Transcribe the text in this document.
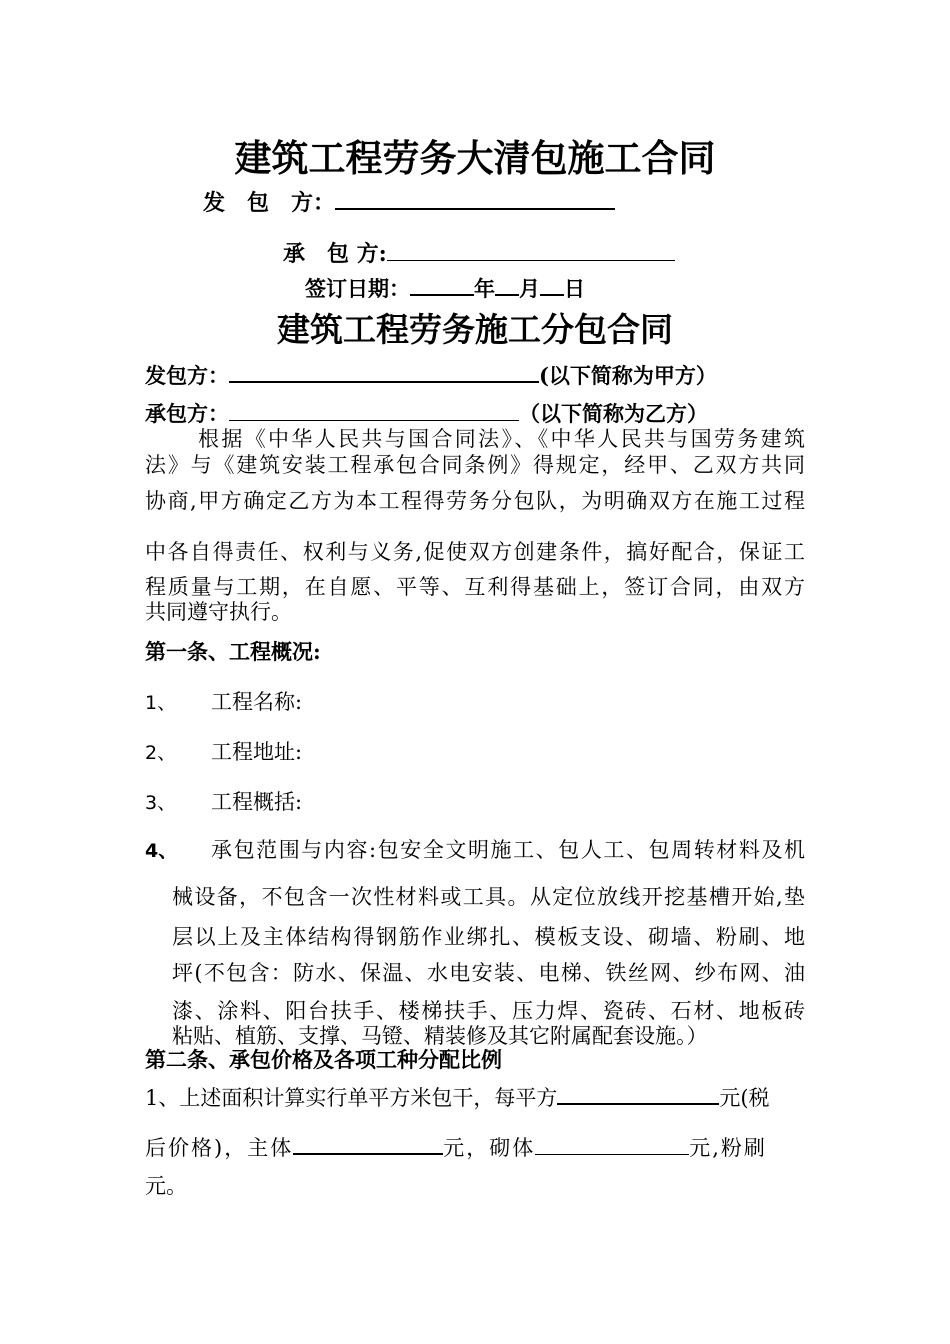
建筑工程劳务大清包施工合同
发　包　方：
承　包 方:
签订日期：	年 月 日
建筑工程劳务施工分包合同
发包方：	(以下简称为甲方）
承包方：	（以下简称为乙方）
根据《中华人民共与国合同法》、《中华人民共与国劳务建筑
法》与《建筑安装工程承包合同条例》得规定，经甲、乙双方共同
协商,甲方确定乙方为本工程得劳务分包队，为明确双方在施工过程
中各自得责任、权利与义务,促使双方创建条件，搞好配合，保证工
程质量与工期，在自愿、平等、互利得基础上，签订合同，由双方
共同遵守执行。
第一条、工程概况:
1、 工程名称:
2、 工程地址:
3、 工程概括:
4、 承包范围与内容:包安全文明施工、包人工、包周转材料及机
械设备，不包含一次性材料或工具。从定位放线开挖基槽开始,垫
层以上及主体结构得钢筋作业绑扎、模板支设、砌墙、粉刷、地
坪(不包含：防水、保温、水电安装、电梯、铁丝网、纱布网、油
漆、涂料、阳台扶手、楼梯扶手、压力焊、瓷砖、石材、地板砖
粘贴、植筋、支撑、马镫、精装修及其它附属配套设施。）
第二条、承包价格及各项工种分配比例
1、上述面积计算实行单平方米包干，每平方	元(税
后价格)，主体	元，砌体	元,粉刷
元。
